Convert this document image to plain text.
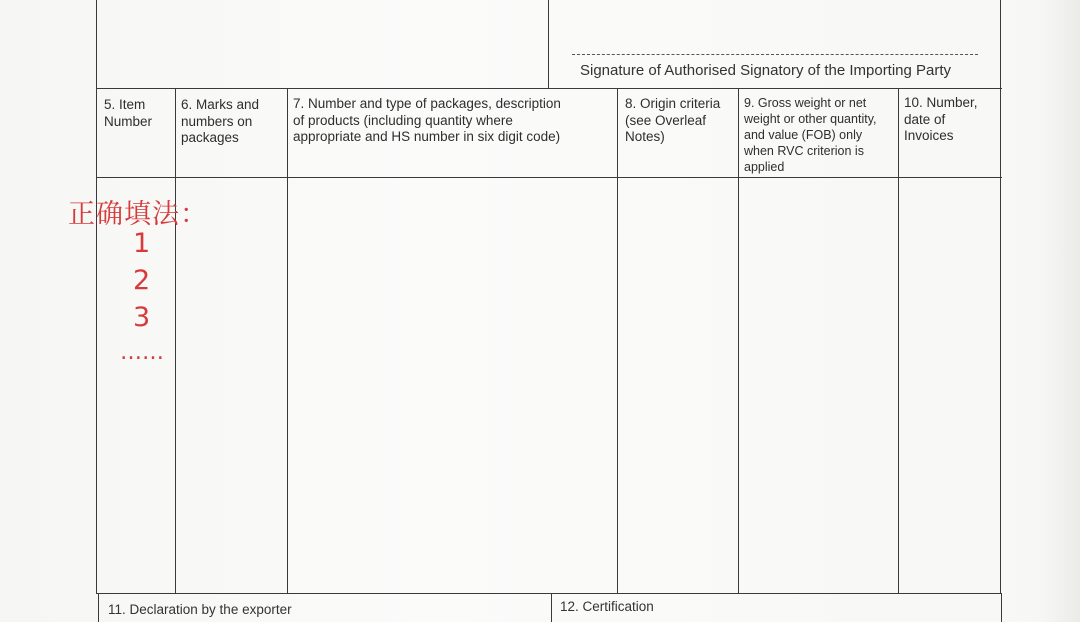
Signature of Authorised Signatory of the Importing Party
5. Item
Number
6. Marks and
numbers on
packages
7. Number and type of packages, description
of products (including quantity where
appropriate and HS number in six digit code)
8. Origin criteria
(see Overleaf
Notes)
9. Gross weight or net
weight or other quantity,
and value (FOB) only
when RVC criterion is
applied
10. Number,
date of
Invoices
正确填法：
1
2
3
……
11. Declaration by the exporter	12. Certification
